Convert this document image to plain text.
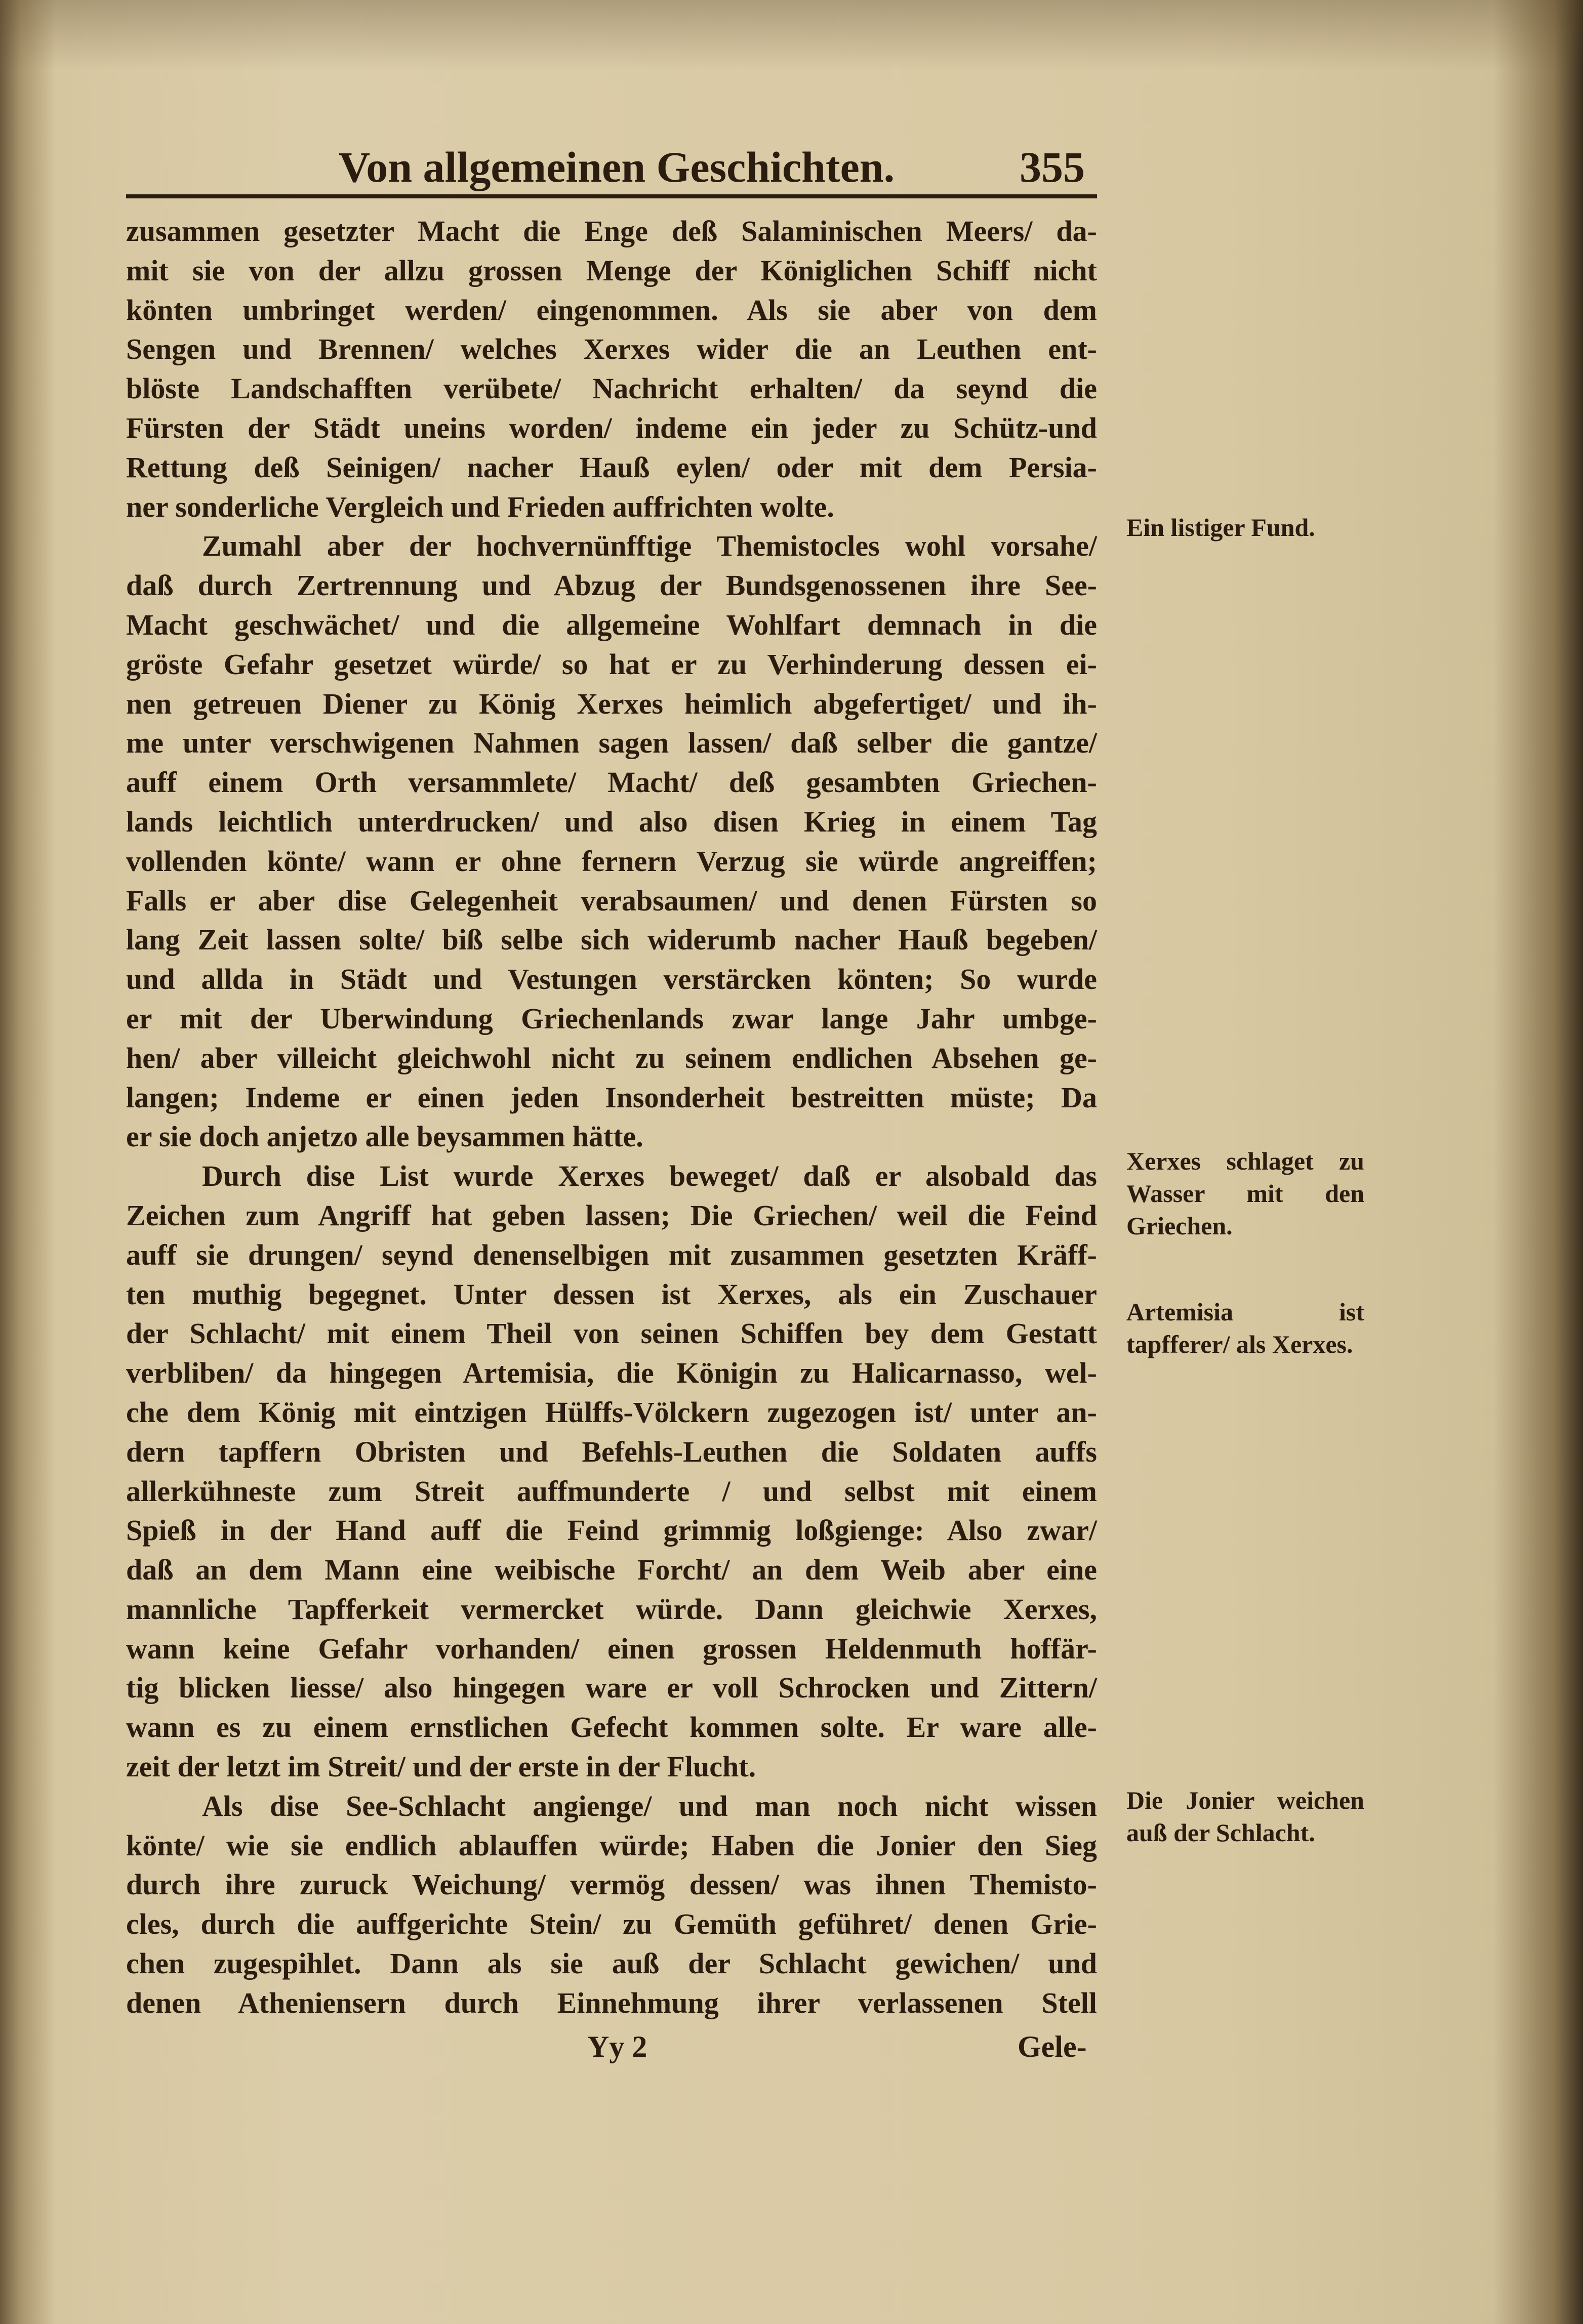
Von allgemeinen Geschichten.	355
zusammen gesetzter Macht die Enge deß Salaminischen Meers/ da-
mit sie von der allzu grossen Menge der Königlichen Schiff nicht
könten umbringet werden/ eingenommen. Als sie aber von dem
Sengen und Brennen/ welches Xerxes wider die an Leuthen ent-
blöste Landschafften verübete/ Nachricht erhalten/ da seynd die
Fürsten der Städt uneins worden/ indeme ein jeder zu Schütz-und
Rettung deß Seinigen/ nacher Hauß eylen/ oder mit dem Persia-
ner sonderliche Vergleich und Frieden auffrichten wolte.
Zumahl aber der hochvernünfftige Themistocles wohl vorsahe/
daß durch Zertrennung und Abzug der Bundsgenossenen ihre See-
Macht geschwächet/ und die allgemeine Wohlfart demnach in die
gröste Gefahr gesetzet würde/ so hat er zu Verhinderung dessen ei-
nen getreuen Diener zu König Xerxes heimlich abgefertiget/ und ih-
me unter verschwigenen Nahmen sagen lassen/ daß selber die gantze/
auff einem Orth versammlete/ Macht/ deß gesambten Griechen-
lands leichtlich unterdrucken/ und also disen Krieg in einem Tag
vollenden könte/ wann er ohne fernern Verzug sie würde angreiffen;
Falls er aber dise Gelegenheit verabsaumen/ und denen Fürsten so
lang Zeit lassen solte/ biß selbe sich widerumb nacher Hauß begeben/
und allda in Städt und Vestungen verstärcken könten; So wurde
er mit der Uberwindung Griechenlands zwar lange Jahr umbge-
hen/ aber villeicht gleichwohl nicht zu seinem endlichen Absehen ge-
langen; Indeme er einen jeden Insonderheit bestreitten müste; Da
er sie doch anjetzo alle beysammen hätte.
Durch dise List wurde Xerxes beweget/ daß er alsobald das
Zeichen zum Angriff hat geben lassen; Die Griechen/ weil die Feind
auff sie drungen/ seynd denenselbigen mit zusammen gesetzten Kräff-
ten muthig begegnet. Unter dessen ist Xerxes, als ein Zuschauer
der Schlacht/ mit einem Theil von seinen Schiffen bey dem Gestatt
verbliben/ da hingegen Artemisia, die Königin zu Halicarnasso, wel-
che dem König mit eintzigen Hülffs-Völckern zugezogen ist/ unter an-
dern tapffern Obristen und Befehls-Leuthen die Soldaten auffs
allerkühneste zum Streit auffmunderte / und selbst mit einem
Spieß in der Hand auff die Feind grimmig loßgienge: Also zwar/
daß an dem Mann eine weibische Forcht/ an dem Weib aber eine
mannliche Tapfferkeit vermercket würde. Dann gleichwie Xerxes,
wann keine Gefahr vorhanden/ einen grossen Heldenmuth hoffär-
tig blicken liesse/ also hingegen ware er voll Schrocken und Zittern/
wann es zu einem ernstlichen Gefecht kommen solte. Er ware alle-
zeit der letzt im Streit/ und der erste in der Flucht.
Als dise See-Schlacht angienge/ und man noch nicht wissen
könte/ wie sie endlich ablauffen würde; Haben die Jonier den Sieg
durch ihre zuruck Weichung/ vermög dessen/ was ihnen Themisto-
cles, durch die auffgerichte Stein/ zu Gemüth geführet/ denen Grie-
chen zugespihlet. Dann als sie auß der Schlacht gewichen/ und
denen Atheniensern durch Einnehmung ihrer verlassenen Stell
Ein listiger Fund.
Xerxes schlaget zu Wasser mit den Griechen.
Artemisia ist tapfferer/ als Xerxes.
Die Jonier weichen auß der Schlacht.
Yy 2	Gele-
